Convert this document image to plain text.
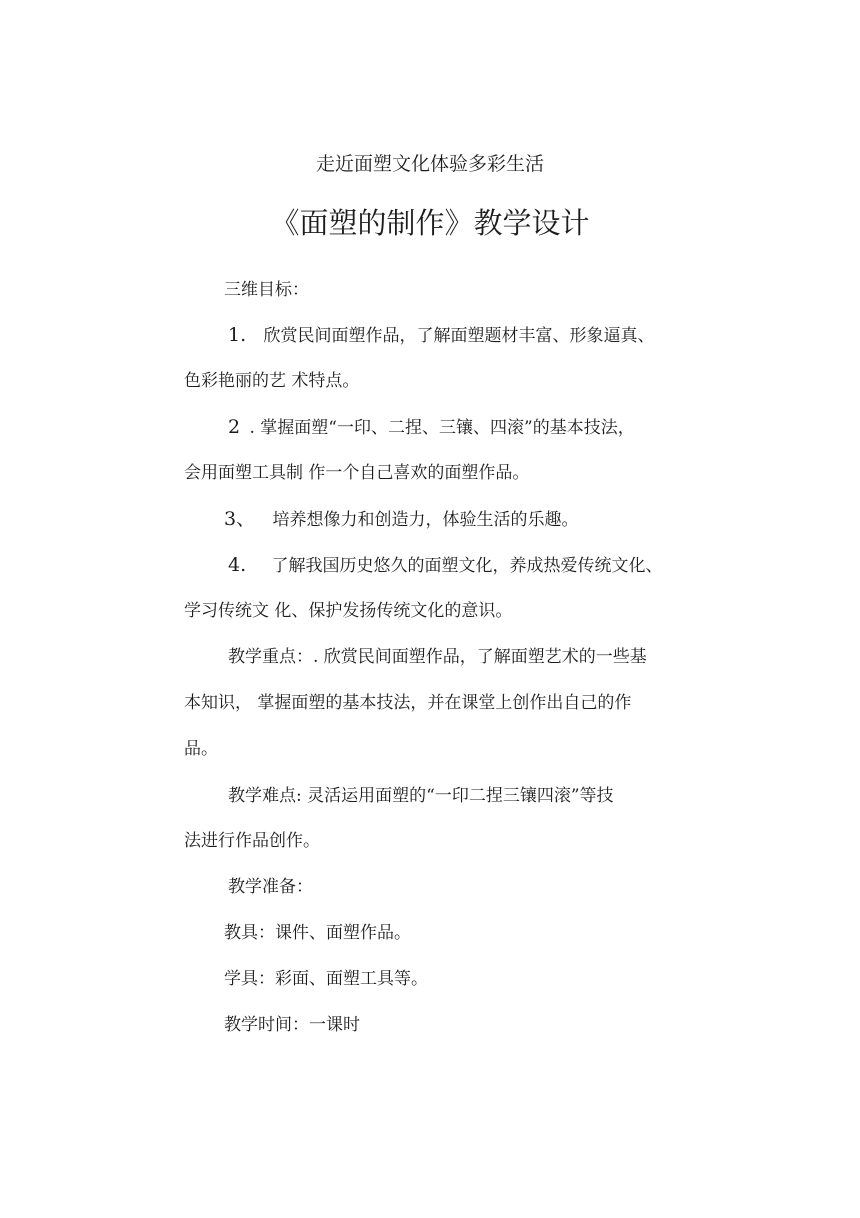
走近面塑文化体验多彩生活
《面塑的制作》教学设计
三维目标：
1. 欣赏民间面塑作品，了解面塑题材丰富、形象逼真、
色彩艳丽的艺 术特点。
2 . 掌握面塑“一印、二捏、三镶、四滚”的基本技法，
会用面塑工具制 作一个自己喜欢的面塑作品。
3、 培养想像力和创造力，体验生活的乐趣。
4. 了解我国历史悠久的面塑文化，养成热爱传统文化、
学习传统文 化、保护发扬传统文化的意识。
教学重点：. 欣赏民间面塑作品，了解面塑艺术的一些基
本知识， 掌握面塑的基本技法，并在课堂上创作出自己的作
品。
教学难点: 灵活运用面塑的“一印二捏三镶四滚”等技
法进行作品创作。
教学准备：
教具：课件、面塑作品。
学具：彩面、面塑工具等。
教学时间：一课时
